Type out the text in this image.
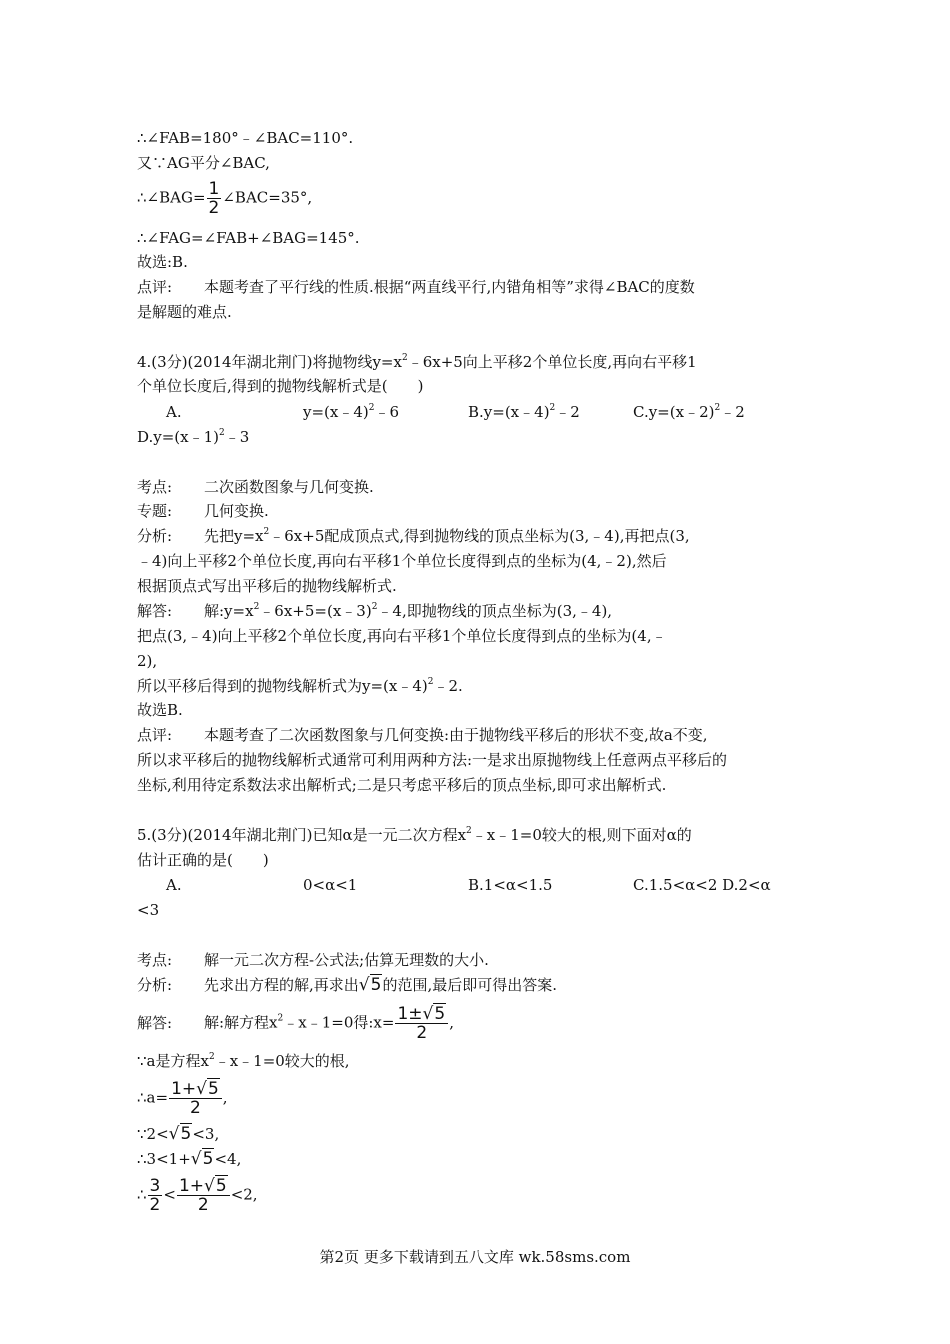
∴∠FAB=180°﹣∠BAC=110°.
又∵AG平分∠BAC,
∴∠BAG= $\frac{1}{2}$ ∠BAC=35°,
∴∠FAG=∠FAB+∠BAG=145°.
故选:B.
点评: 本题考查了平行线的性质.根据“两直线平行,内错角相等”求得∠BAC的度数
是解题的难点.
4.(3分)(2014年湖北荆门)将抛物线$y=x^2﹣6x+5$向上平移2个单位长度,再向右平移1
个单位长度后,得到的抛物线解析式是(　　)
A.	y=(x﹣4)$^2$﹣6	B.y=(x﹣4)$^2$﹣2	C.y=(x﹣2)$^2$﹣2
D.y=(x﹣1)$^2$﹣3
考点: 二次函数图象与几何变换.
专题: 几何变换.
分析: 先把$y=x^2﹣6x+5$配成顶点式,得到抛物线的顶点坐标为(3,﹣4),再把点(3,
﹣4)向上平移2个单位长度,再向右平移1个单位长度得到点的坐标为(4,﹣2),然后
根据顶点式写出平移后的抛物线解析式.
解答: 解$:y=x^2﹣6x+5=(x﹣3)^2﹣4$,即抛物线的顶点坐标为(3,﹣4),
把点(3,﹣4)向上平移2个单位长度,再向右平移1个单位长度得到点的坐标为(4,﹣
2),
所以平移后得到的抛物线解析式为y=(x﹣4)$^2$﹣2.
故选B.
点评: 本题考查了二次函数图象与几何变换:由于抛物线平移后的形状不变,故a不变,
所以求平移后的抛物线解析式通常可利用两种方法:一是求出原抛物线上任意两点平移后的
坐标,利用待定系数法求出解析式;二是只考虑平移后的顶点坐标,即可求出解析式.
5.(3分)(2014年湖北荆门)已知α是一元二次方程$x^2﹣x﹣1=0$较大的根,则下面对α的
估计正确的是(　　)
A.	0<α<1	B.1<α<1.5	C.1.5<α<2 D.2<α
<3
考点: 解一元二次方程-公式法;估算无理数的大小.
分析: 先求出方程的解,再求出√5的范围,最后即可得出答案.
解答: 解:解方程$x^2﹣x﹣1=0$得:x= $\frac{1\pm√5}{2}$ ,
∵a是方程$x^2﹣x﹣1=0$较大的根,
∴a= $\frac{1+√5}{2}$ ,
∵2<√5<3,
∴3<1+√5<4,
∴ $\frac{3}{2} < \frac{1+√5}{2} <2$,
第2页 更多下载请到五八文库 wk.58sms.com
